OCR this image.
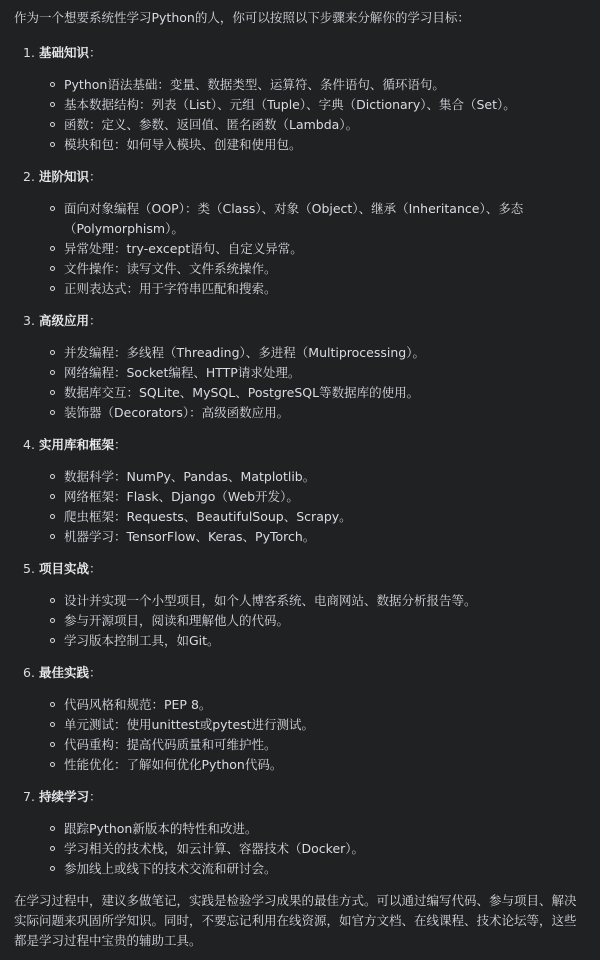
作为一个想要系统性学习Python的人，你可以按照以下步骤来分解你的学习目标：

1. 基础知识 ：
Python语法基础：变量、数据类型、运算符、条件语句、循环语句。
基本数据结构：列表（List）、元组（Tuple）、字典（Dictionary）、集合（Set）。
函数：定义、参数、返回值、匿名函数（Lambda）。
模块和包：如何导入模块、创建和使用包。
2. 进阶知识 ：
面向对象编程（OOP）：类（Class）、对象（Object）、继承（Inheritance）、多态（Polymorphism）。
异常处理：try-except语句、自定义异常。
文件操作：读写文件、文件系统操作。
正则表达式：用于字符串匹配和搜索。
3. 高级应用 ：
并发编程：多线程（Threading）、多进程（Multiprocessing）。
网络编程：Socket编程、HTTP请求处理。
数据库交互：SQLite、MySQL、PostgreSQL等数据库的使用。
装饰器（Decorators）：高级函数应用。
4. 实用库和框架 ：
数据科学：NumPy、Pandas、Matplotlib。
网络框架：Flask、Django（Web开发）。
爬虫框架：Requests、BeautifulSoup、Scrapy。
机器学习：TensorFlow、Keras、PyTorch。
5. 项目实战 ：
设计并实现一个小型项目，如个人博客系统、电商网站、数据分析报告等。
参与开源项目，阅读和理解他人的代码。
学习版本控制工具，如Git。
6. 最佳实践 ：
代码风格和规范：PEP 8。
单元测试：使用unittest或pytest进行测试。
代码重构：提高代码质量和可维护性。
性能优化：了解如何优化Python代码。
7. 持续学习 ：
跟踪Python新版本的特性和改进。
学习相关的技术栈，如云计算、容器技术（Docker）。
参加线上或线下的技术交流和研讨会。

在学习过程中，建议多做笔记，实践是检验学习成果的最佳方式。可以通过编写代码、参与项目、解决实际问题来巩固所学知识。同时，不要忘记利用在线资源，如官方文档、在线课程、技术论坛等，这些都是学习过程中宝贵的辅助工具。
